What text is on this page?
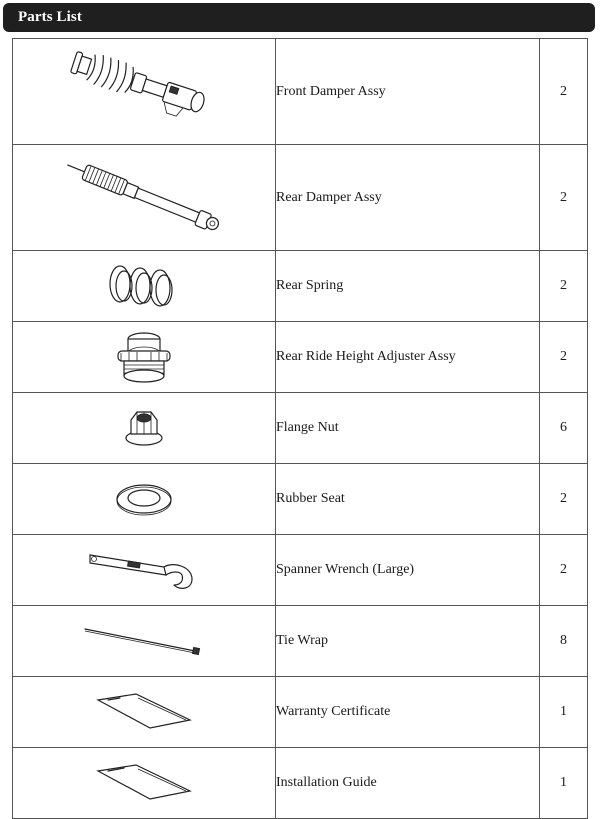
Parts List
	Front Damper Assy	2

	Rear Damper Assy	2

	Rear Spring	2

	Rear Ride Height Adjuster Assy	2

	Flange Nut	6

	Rubber Seat	2

	Spanner Wrench (Large)	2

	Tie Wrap	8

	Warranty Certificate	1

	Installation Guide	1
